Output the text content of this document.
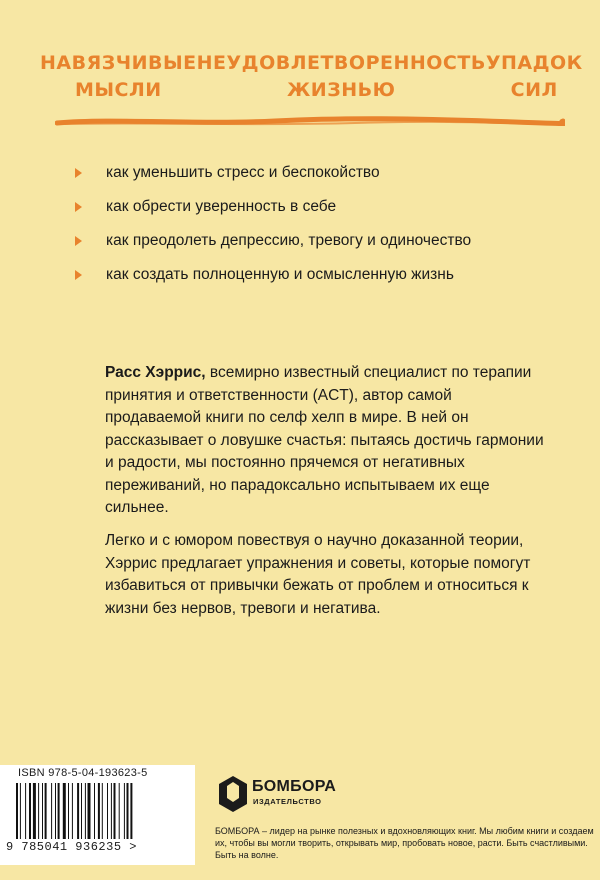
НАВЯЗЧИВЫЕ
МЫСЛИ
НЕУДОВЛЕТВОРЕННОСТЬ
ЖИЗНЬЮ
УПАДОК
СИЛ
как уменьшить стресс и беспокойство
как обрести уверенность в себе
как преодолеть депрессию, тревогу и одиночество
как создать полноценную и осмысленную жизнь

Расс Хэррис, всемирно известный специалист по терапии принятия и ответственности (ACT), автор самой продаваемой книги по селф хелп в мире. В ней он рассказывает о ловушке счастья: пытаясь достичь гармонии и радости, мы постоянно прячемся от негативных переживаний, но парадоксально испытываем их еще сильнее.

Легко и с юмором повествуя о научно доказанной теории, Хэррис предлагает упражнения и советы, которые помогут избавиться от привычки бежать от проблем и относиться к жизни без нервов, тревоги и негатива.

ISBN 978-5-04-193623-5
9 785041 936235 >
БОМБОРА
ИЗДАТЕЛЬСТВО

БОМБОРА – лидер на рынке полезных и вдохновляющих книг. Мы любим книги и создаем их, чтобы вы могли творить, открывать мир, пробовать новое, расти. Быть счастливыми. Быть на волне.
